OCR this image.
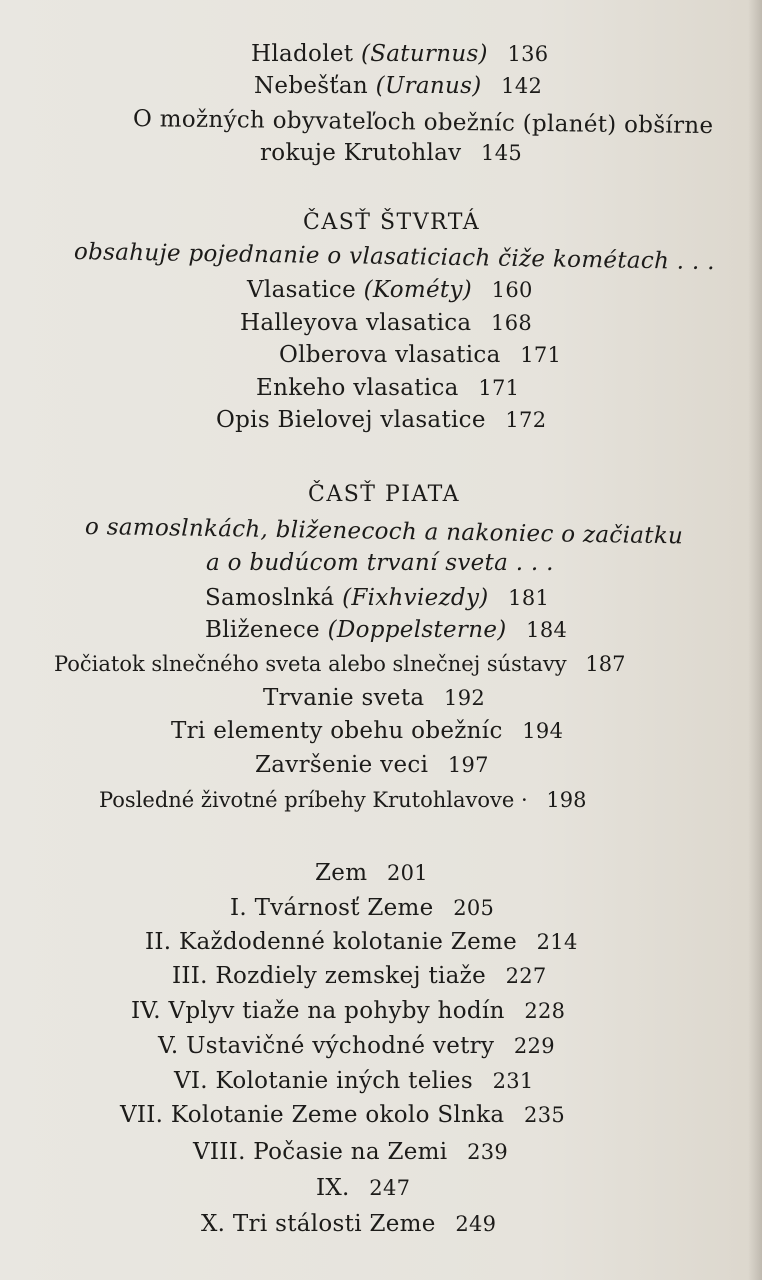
Hladolet (Saturnus) 136
Nebešťan (Uranus) 142
O možných obyvateľoch obežníc (planét) obšírne
rokuje Krutohlav 145
ČASŤ ŠTVRTÁ
obsahuje pojednanie o vlasaticiach čiže kométach . . .
Vlasatice (Kométy) 160
Halleyova vlasatica 168
Olberova vlasatica 171
Enkeho vlasatica 171
Opis Bielovej vlasatice 172
ČASŤ PIATA
o samoslnkách, bliženecoch a nakoniec o začiatku
a o budúcom trvaní sveta . . .
Samoslnká (Fixhviezdy) 181
Bliženece (Doppelsterne) 184
Počiatok slnečného sveta alebo slnečnej sústavy 187
Trvanie sveta 192
Tri elementy obehu obežníc 194
Završenie veci 197
Posledné životné príbehy Krutohlavove · 198
Zem 201
I. Tvárnosť Zeme 205
II. Každodenné kolotanie Zeme 214
III. Rozdiely zemskej tiaže 227
IV. Vplyv tiaže na pohyby hodín 228
V. Ustavičné východné vetry 229
VI. Kolotanie iných telies 231
VII. Kolotanie Zeme okolo Slnka 235
VIII. Počasie na Zemi 239
IX. 247
X. Tri stálosti Zeme 249
